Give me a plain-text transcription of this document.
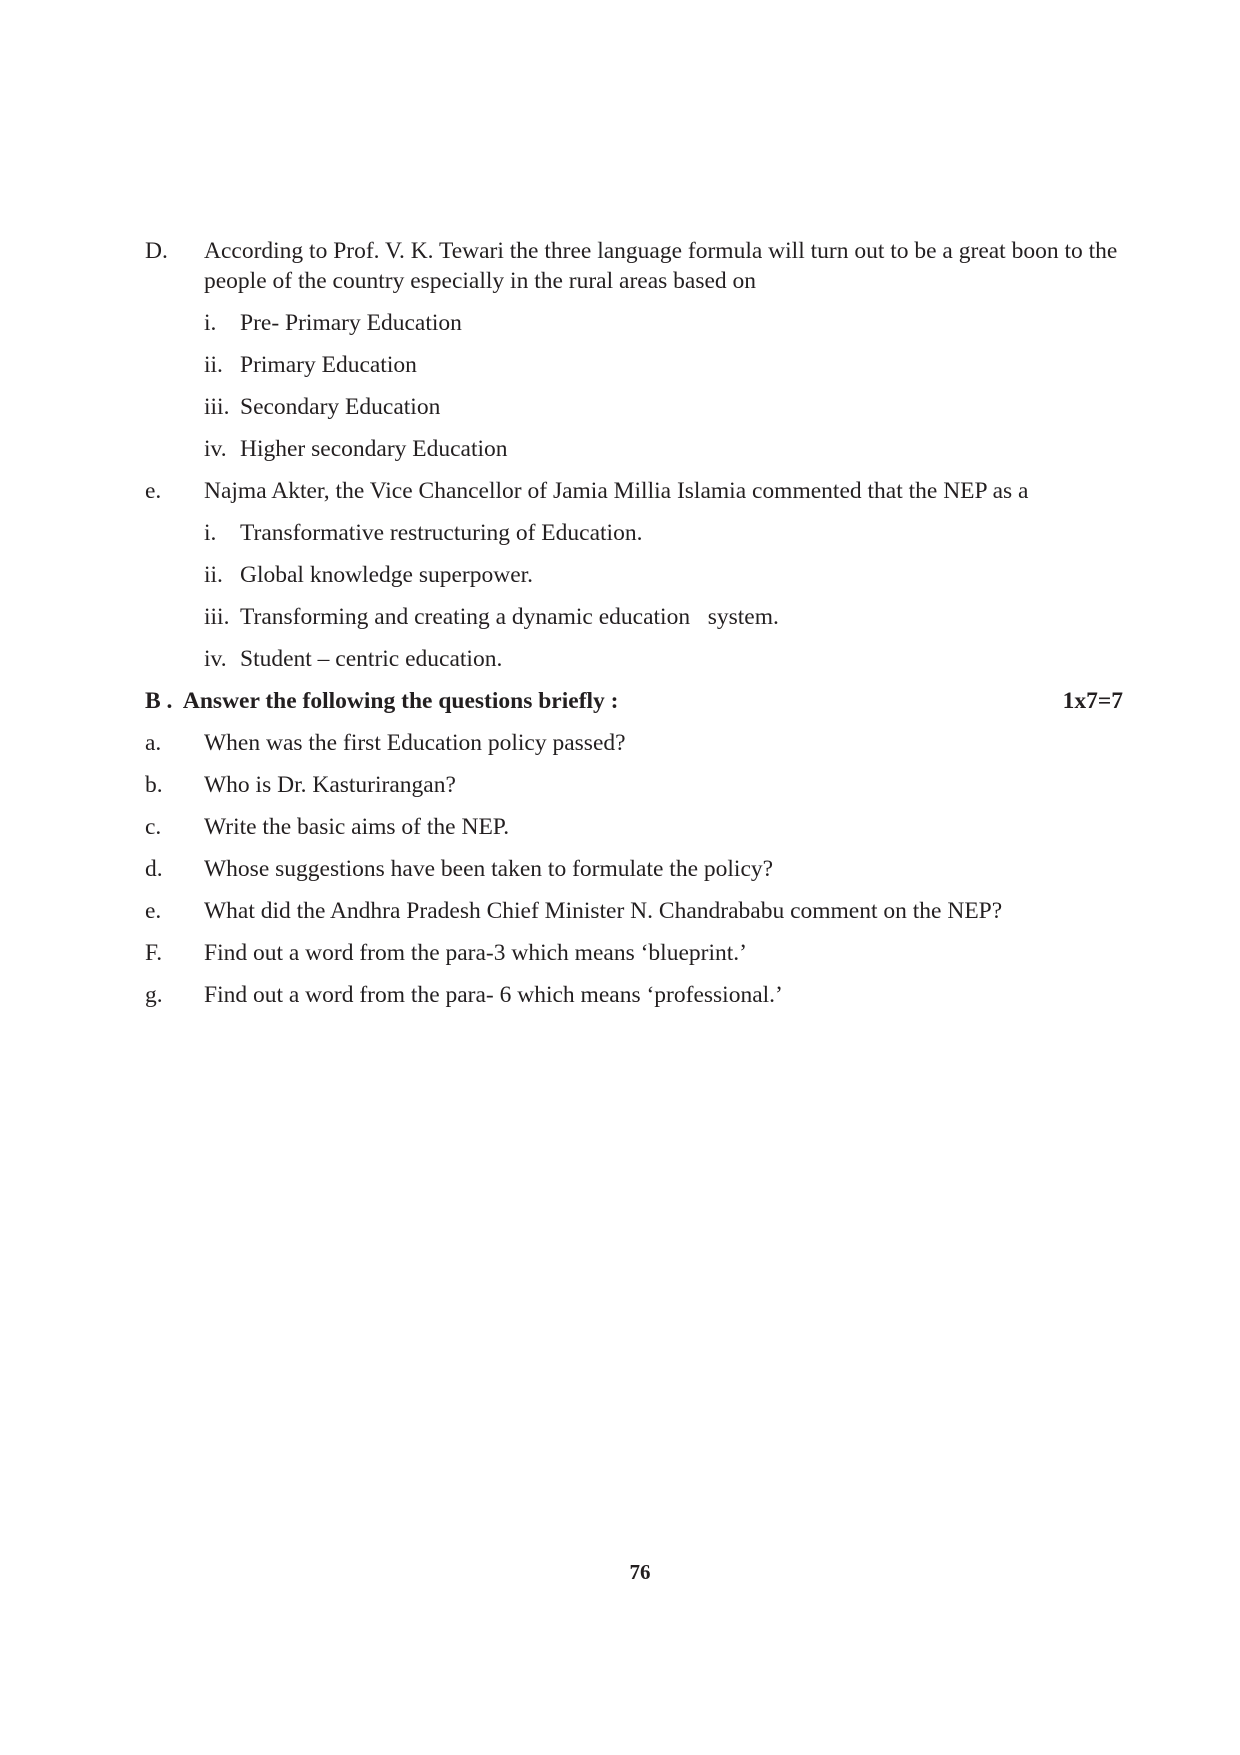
D. According to Prof. V. K. Tewari the three language formula will turn out to be a great boon to the people of the country especially in the rural areas based on
i. Pre- Primary Education
ii. Primary Education
iii. Secondary Education
iv. Higher secondary Education
e. Najma Akter, the Vice Chancellor of Jamia Millia Islamia commented that the NEP as a
i. Transformative restructuring of Education.
ii. Global knowledge superpower.
iii. Transforming and creating a dynamic education   system.
iv. Student – centric education.
B .  Answer the following the questions briefly :	1x7=7
a. When was the first Education policy passed?
b. Who is Dr. Kasturirangan?
c. Write the basic aims of the NEP.
d. Whose suggestions have been taken to formulate the policy?
e. What did the Andhra Pradesh Chief Minister N. Chandrababu comment on the NEP?
F. Find out a word from the para-3 which means ‘blueprint.’
g. Find out a word from the para- 6 which means ‘professional.’
76
